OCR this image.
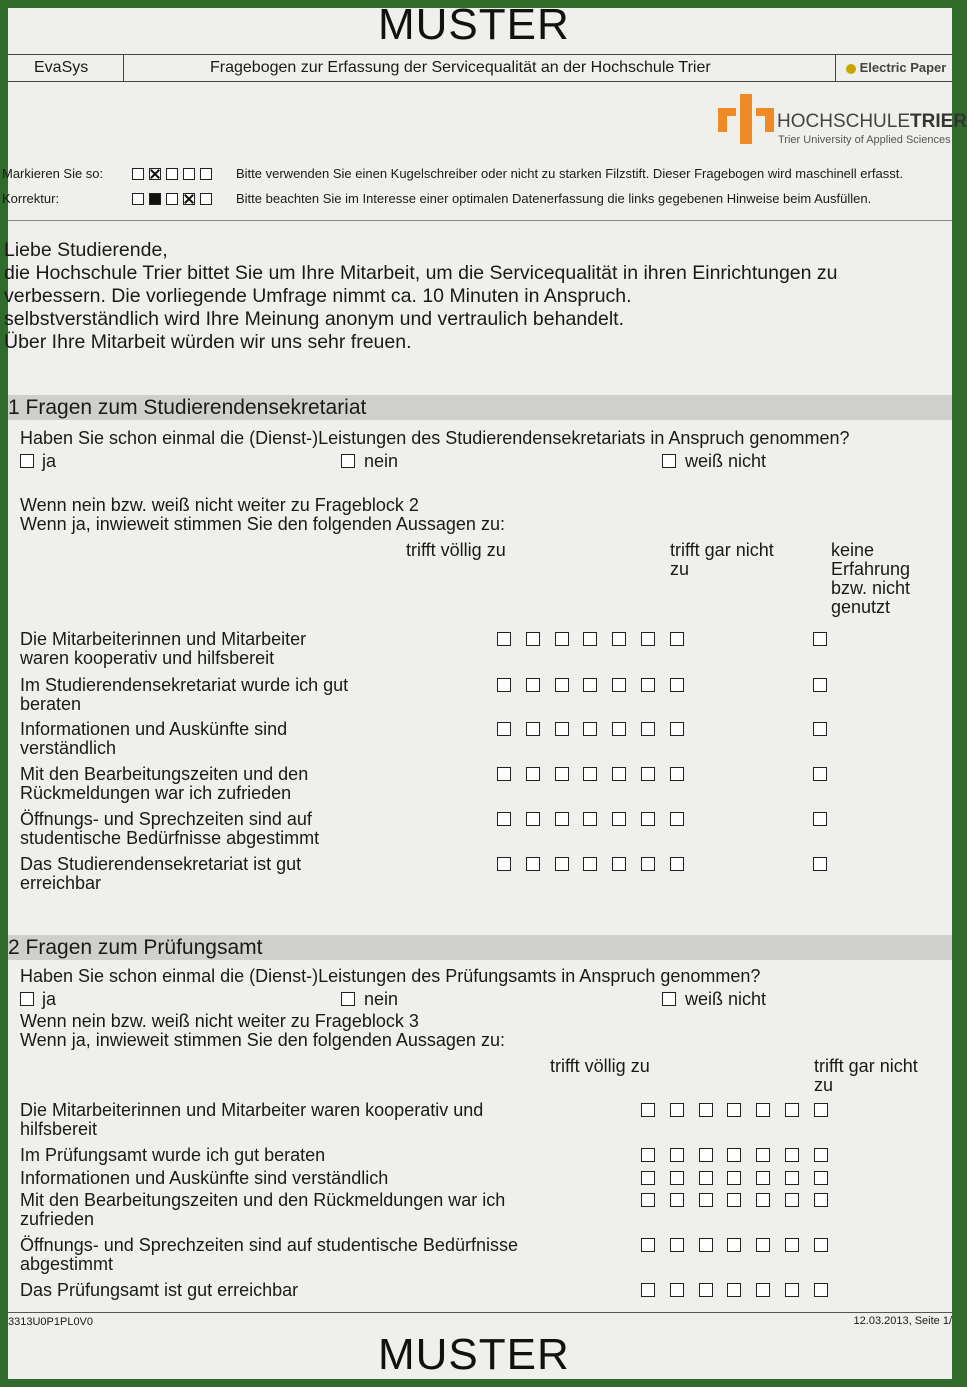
MUSTER
EvaSys	Fragebogen zur Erfassung der Servicequalität an der Hochschule Trier	Electric Paper
HOCHSCHULETRIER
Trier University of Applied Sciences
Markieren Sie so:	Bitte verwenden Sie einen Kugelschreiber oder nicht zu starken Filzstift. Dieser Fragebogen wird maschinell erfasst.
Korrektur:	Bitte beachten Sie im Interesse einer optimalen Datenerfassung die links gegebenen Hinweise beim Ausfüllen.
Liebe Studierende,
die Hochschule Trier bittet Sie um Ihre Mitarbeit, um die Servicequalität in ihren Einrichtungen zu
verbessern. Die vorliegende Umfrage nimmt ca. 10 Minuten in Anspruch.
selbstverständlich wird Ihre Meinung anonym und vertraulich behandelt.
Über Ihre Mitarbeit würden wir uns sehr freuen.
1 Fragen zum Studierendensekretariat
Haben Sie schon einmal die (Dienst-)Leistungen des Studierendensekretariats in Anspruch genommen?
ja	nein	weiß nicht
Wenn nein bzw. weiß nicht weiter zu Frageblock 2
Wenn ja, inwieweit stimmen Sie den folgenden Aussagen zu:
trifft völlig zu	trifft gar nicht zu
keine Erfahrung bzw. nicht genutzt
Die Mitarbeiterinnen und Mitarbeiter waren kooperativ und hilfsbereit
Im Studierendensekretariat wurde ich gut beraten
Informationen und Auskünfte sind verständlich
Mit den Bearbeitungszeiten und den Rückmeldungen war ich zufrieden
Öffnungs- und Sprechzeiten sind auf studentische Bedürfnisse abgestimmt
Das Studierendensekretariat ist gut erreichbar
2 Fragen zum Prüfungsamt
Haben Sie schon einmal die (Dienst-)Leistungen des Prüfungsamts in Anspruch genommen?
ja	nein	weiß nicht
Wenn nein bzw. weiß nicht weiter zu Frageblock 3
Wenn ja, inwieweit stimmen Sie den folgenden Aussagen zu:
trifft völlig zu	trifft gar nicht zu
Die Mitarbeiterinnen und Mitarbeiter waren kooperativ und hilfsbereit
Im Prüfungsamt wurde ich gut beraten
Informationen und Auskünfte sind verständlich
Mit den Bearbeitungszeiten und den Rückmeldungen war ich zufrieden
Öffnungs- und Sprechzeiten sind auf studentische Bedürfnisse abgestimmt
Das Prüfungsamt ist gut erreichbar
3313U0P1PL0V0	12.03.2013, Seite 1/
MUSTER
